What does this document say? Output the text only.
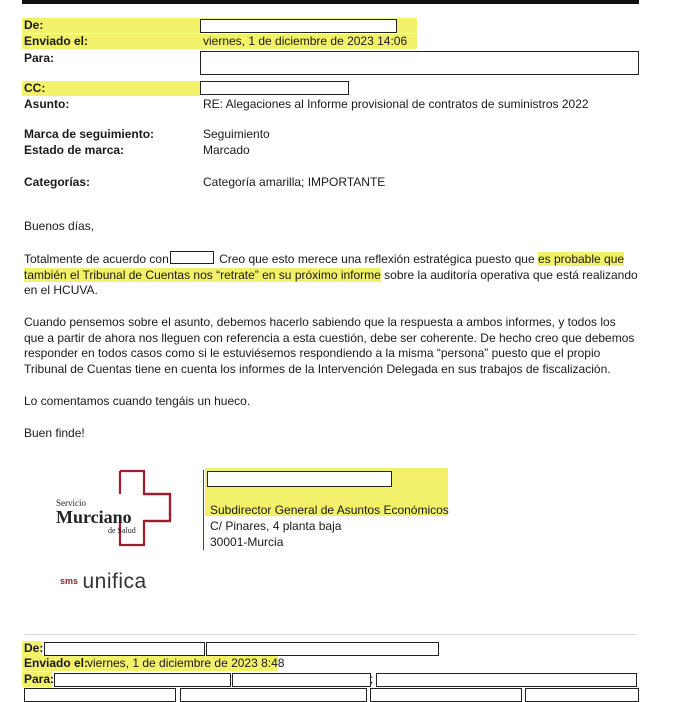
De:
Enviado el:	viernes, 1 de diciembre de 2023 14:06
Para:
CC:
Asunto:	RE: Alegaciones al Informe provisional de contratos de suministros 2022
Marca de seguimiento:	Seguimiento
Estado de marca:	Marcado
Categorías:	Categoría amarilla; IMPORTANTE

Buenos días,

Totalmente de acuerdo con	Creo que esto merece una reflexión estratégica puesto que es probable que también el Tribunal de Cuentas nos “retrate” en su próximo informe sobre la auditoría operativa que está realizando en el HCUVA.

Cuando pensemos sobre el asunto, debemos hacerlo sabiendo que la respuesta a ambos informes, y todos los que a partir de ahora nos lleguen con referencia a esta cuestión, debe ser coherente. De hecho creo que debemos responder en todos casos como si le estuviésemos respondiendo a la misma “persona” puesto que el propio Tribunal de Cuentas tiene en cuenta los informes de la Intervención Delegada en sus trabajos de fiscalización.

Lo comentamos cuando tengáis un hueco.
Buen finde!
Servicio
Murciano
de Salud
$^{sms}$ unifica
Subdirector General de Asuntos Económicos
C/ Pinares, 4 planta baja
30001-Murcia
De:
Enviado el:
viernes, 1 de diciembre de 2023 8:48
Para:	;
